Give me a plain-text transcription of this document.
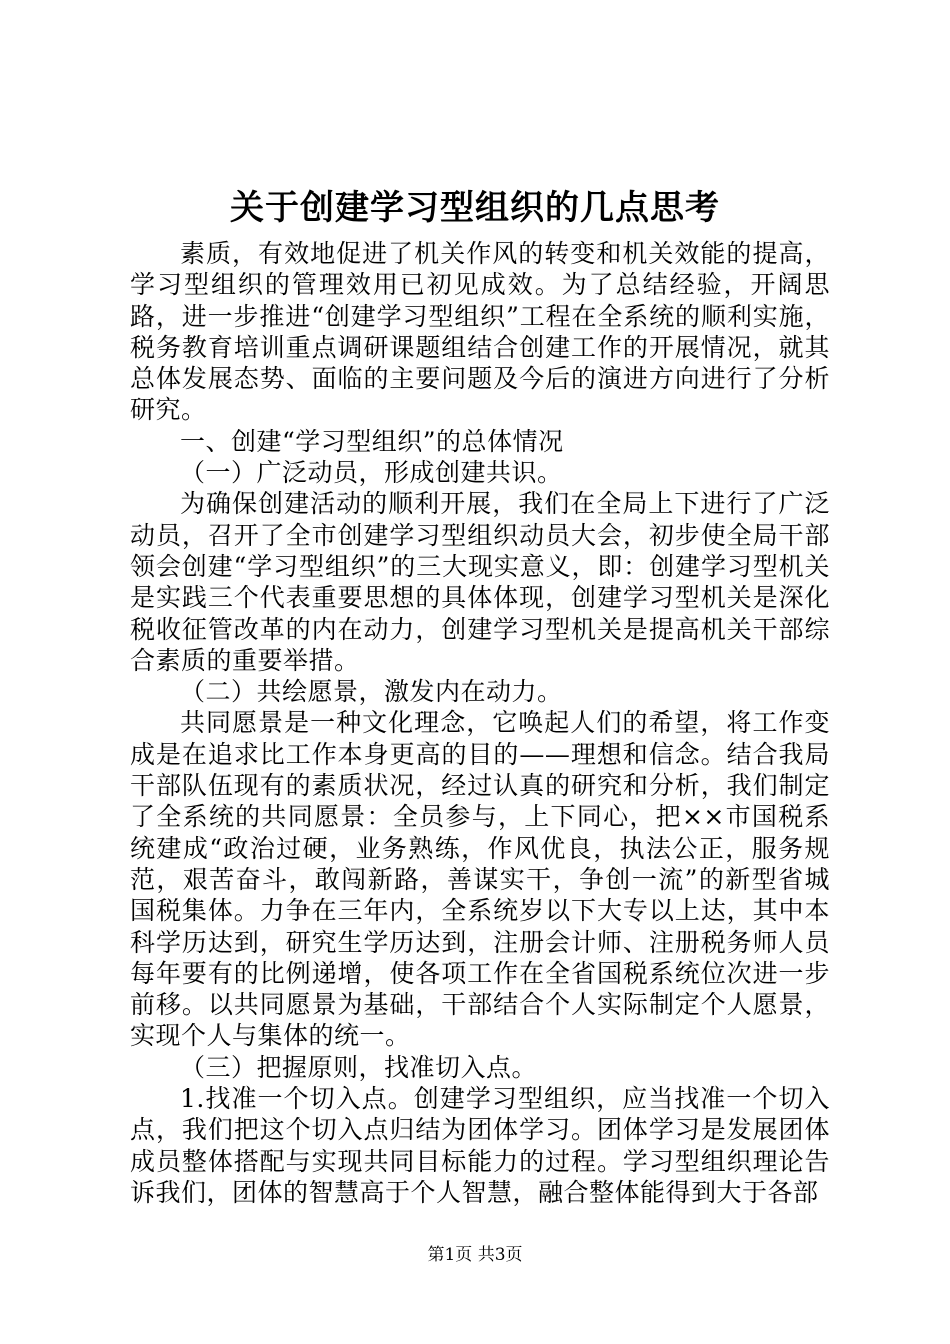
关于创建学习型组织的几点思考

素质，有效地促进了机关作风的转变和机关效能的提高，学习型组织的管理效用已初见成效。为了总结经验，开阔思路，进一步推进“创建学习型组织”工程在全系统的顺利实施，税务教育培训重点调研课题组结合创建工作的开展情况，就其总体发展态势、面临的主要问题及今后的演进方向进行了分析研究。

一、创建“学习型组织”的总体情况

（一）广泛动员，形成创建共识。

为确保创建活动的顺利开展，我们在全局上下进行了广泛动员，召开了全市创建学习型组织动员大会，初步使全局干部领会创建“学习型组织”的三大现实意义，即：创建学习型机关是实践三个代表重要思想的具体体现，创建学习型机关是深化税收征管改革的内在动力，创建学习型机关是提高机关干部综合素质的重要举措。

（二）共绘愿景，激发内在动力。

共同愿景是一种文化理念，它唤起人们的希望，将工作变成是在追求比工作本身更高的目的——理想和信念。结合我局干部队伍现有的素质状况，经过认真的研究和分析，我们制定了全系统的共同愿景：全员参与，上下同心，把××市国税系统建成“政治过硬，业务熟练，作风优良，执法公正，服务规范，艰苦奋斗，敢闯新路，善谋实干，争创一流”的新型省城国税集体。力争在三年内，全系统岁以下大专以上达，其中本科学历达到，研究生学历达到，注册会计师、注册税务师人员每年要有的比例递增，使各项工作在全省国税系统位次进一步前移。以共同愿景为基础，干部结合个人实际制定个人愿景，实现个人与集体的统一。

（三）把握原则，找准切入点。

1.找准一个切入点。创建学习型组织，应当找准一个切入点，我们把这个切入点归结为团体学习。团体学习是发展团体成员整体搭配与实现共同目标能力的过程。学习型组织理论告诉我们，团体的智慧高于个人智慧，融合整体能得到大于各部

第1页 共3页
